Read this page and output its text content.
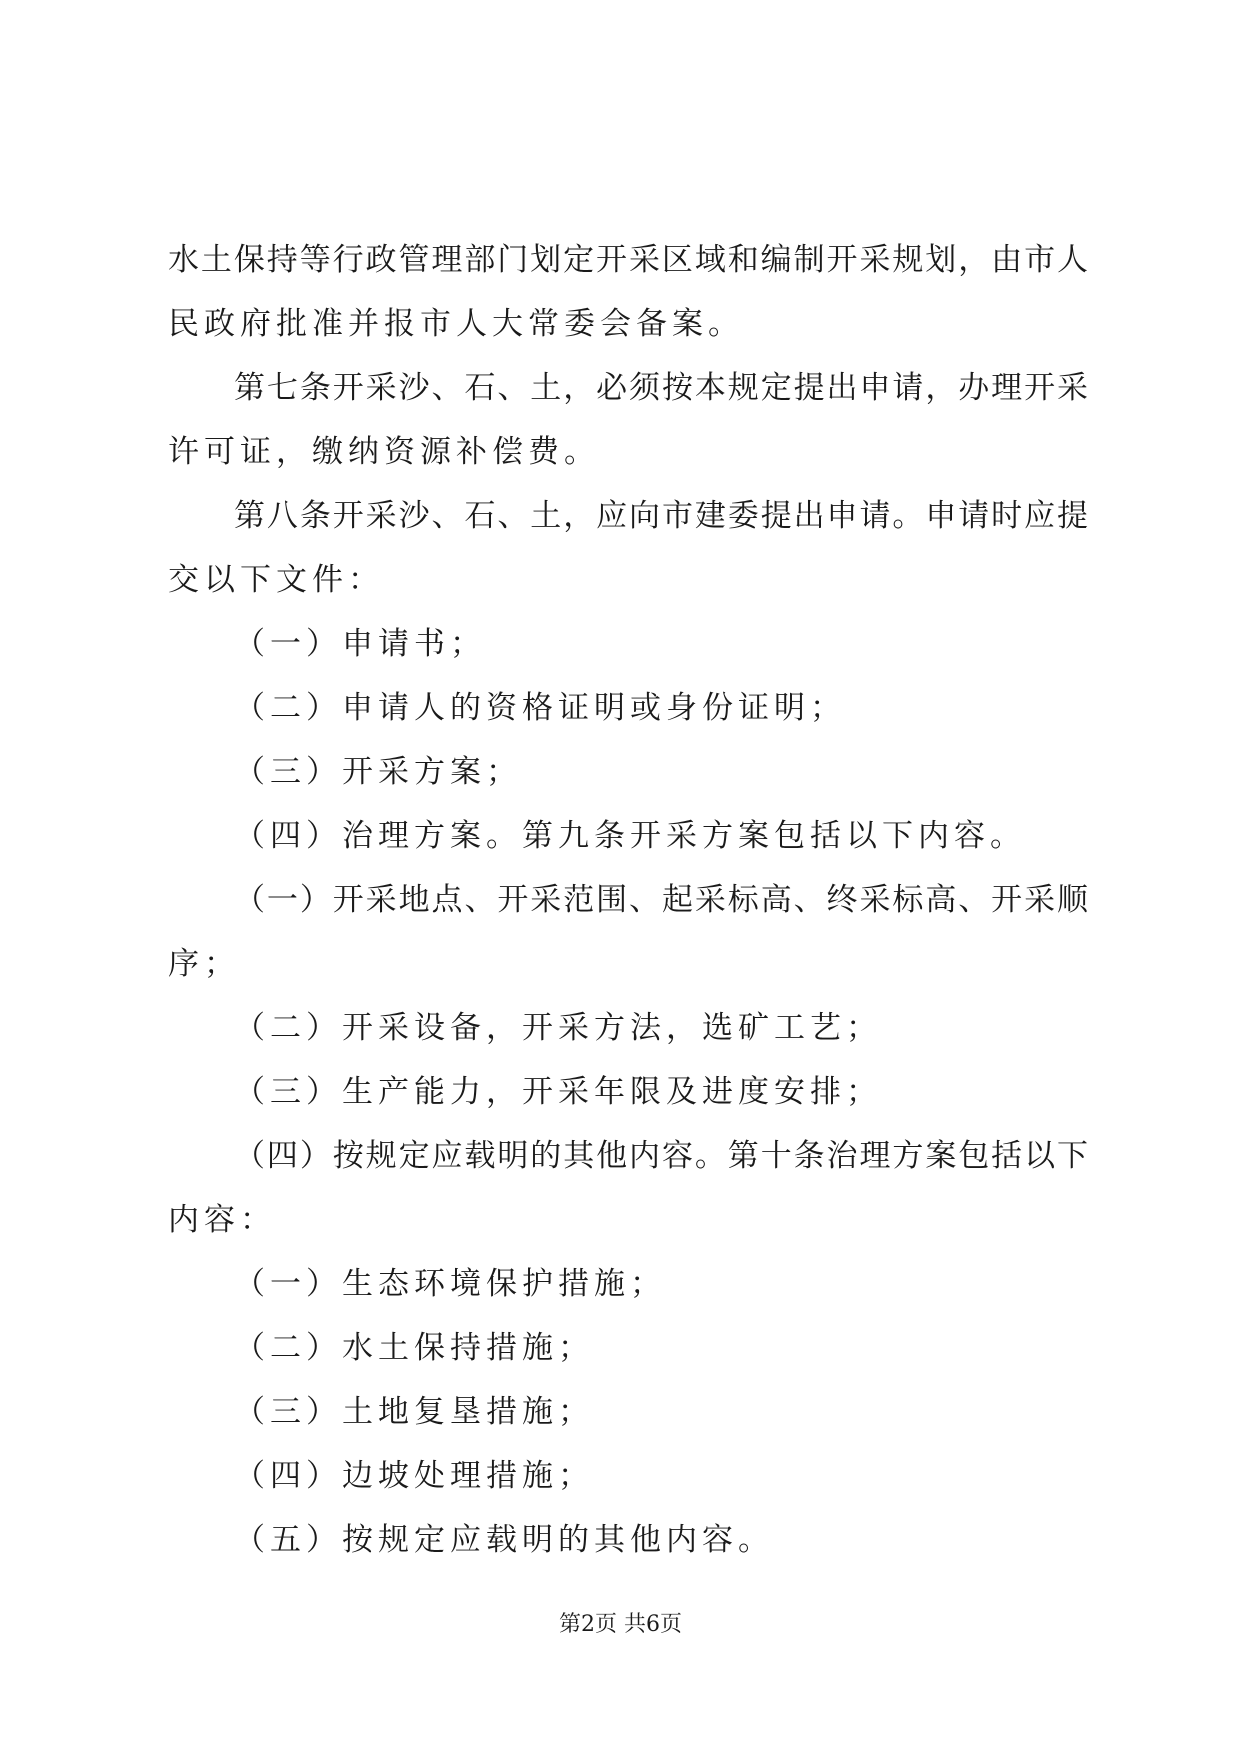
水土保持等行政管理部门划定开采区域和编制开采规划，由市人
民政府批准并报市人大常委会备案。
第七条开采沙、石、土，必须按本规定提出申请，办理开采
许可证，缴纳资源补偿费。
第八条开采沙、石、土，应向市建委提出申请。申请时应提
交以下文件：
（一）申请书；
（二）申请人的资格证明或身份证明；
（三）开采方案；
（四）治理方案。第九条开采方案包括以下内容。
（一）开采地点、开采范围、起采标高、终采标高、开采顺
序；
（二）开采设备，开采方法，选矿工艺；
（三）生产能力，开采年限及进度安排；
（四）按规定应载明的其他内容。第十条治理方案包括以下
内容：
（一）生态环境保护措施；
（二）水土保持措施；
（三）土地复垦措施；
（四）边坡处理措施；
（五）按规定应载明的其他内容。
第2页 共6页
